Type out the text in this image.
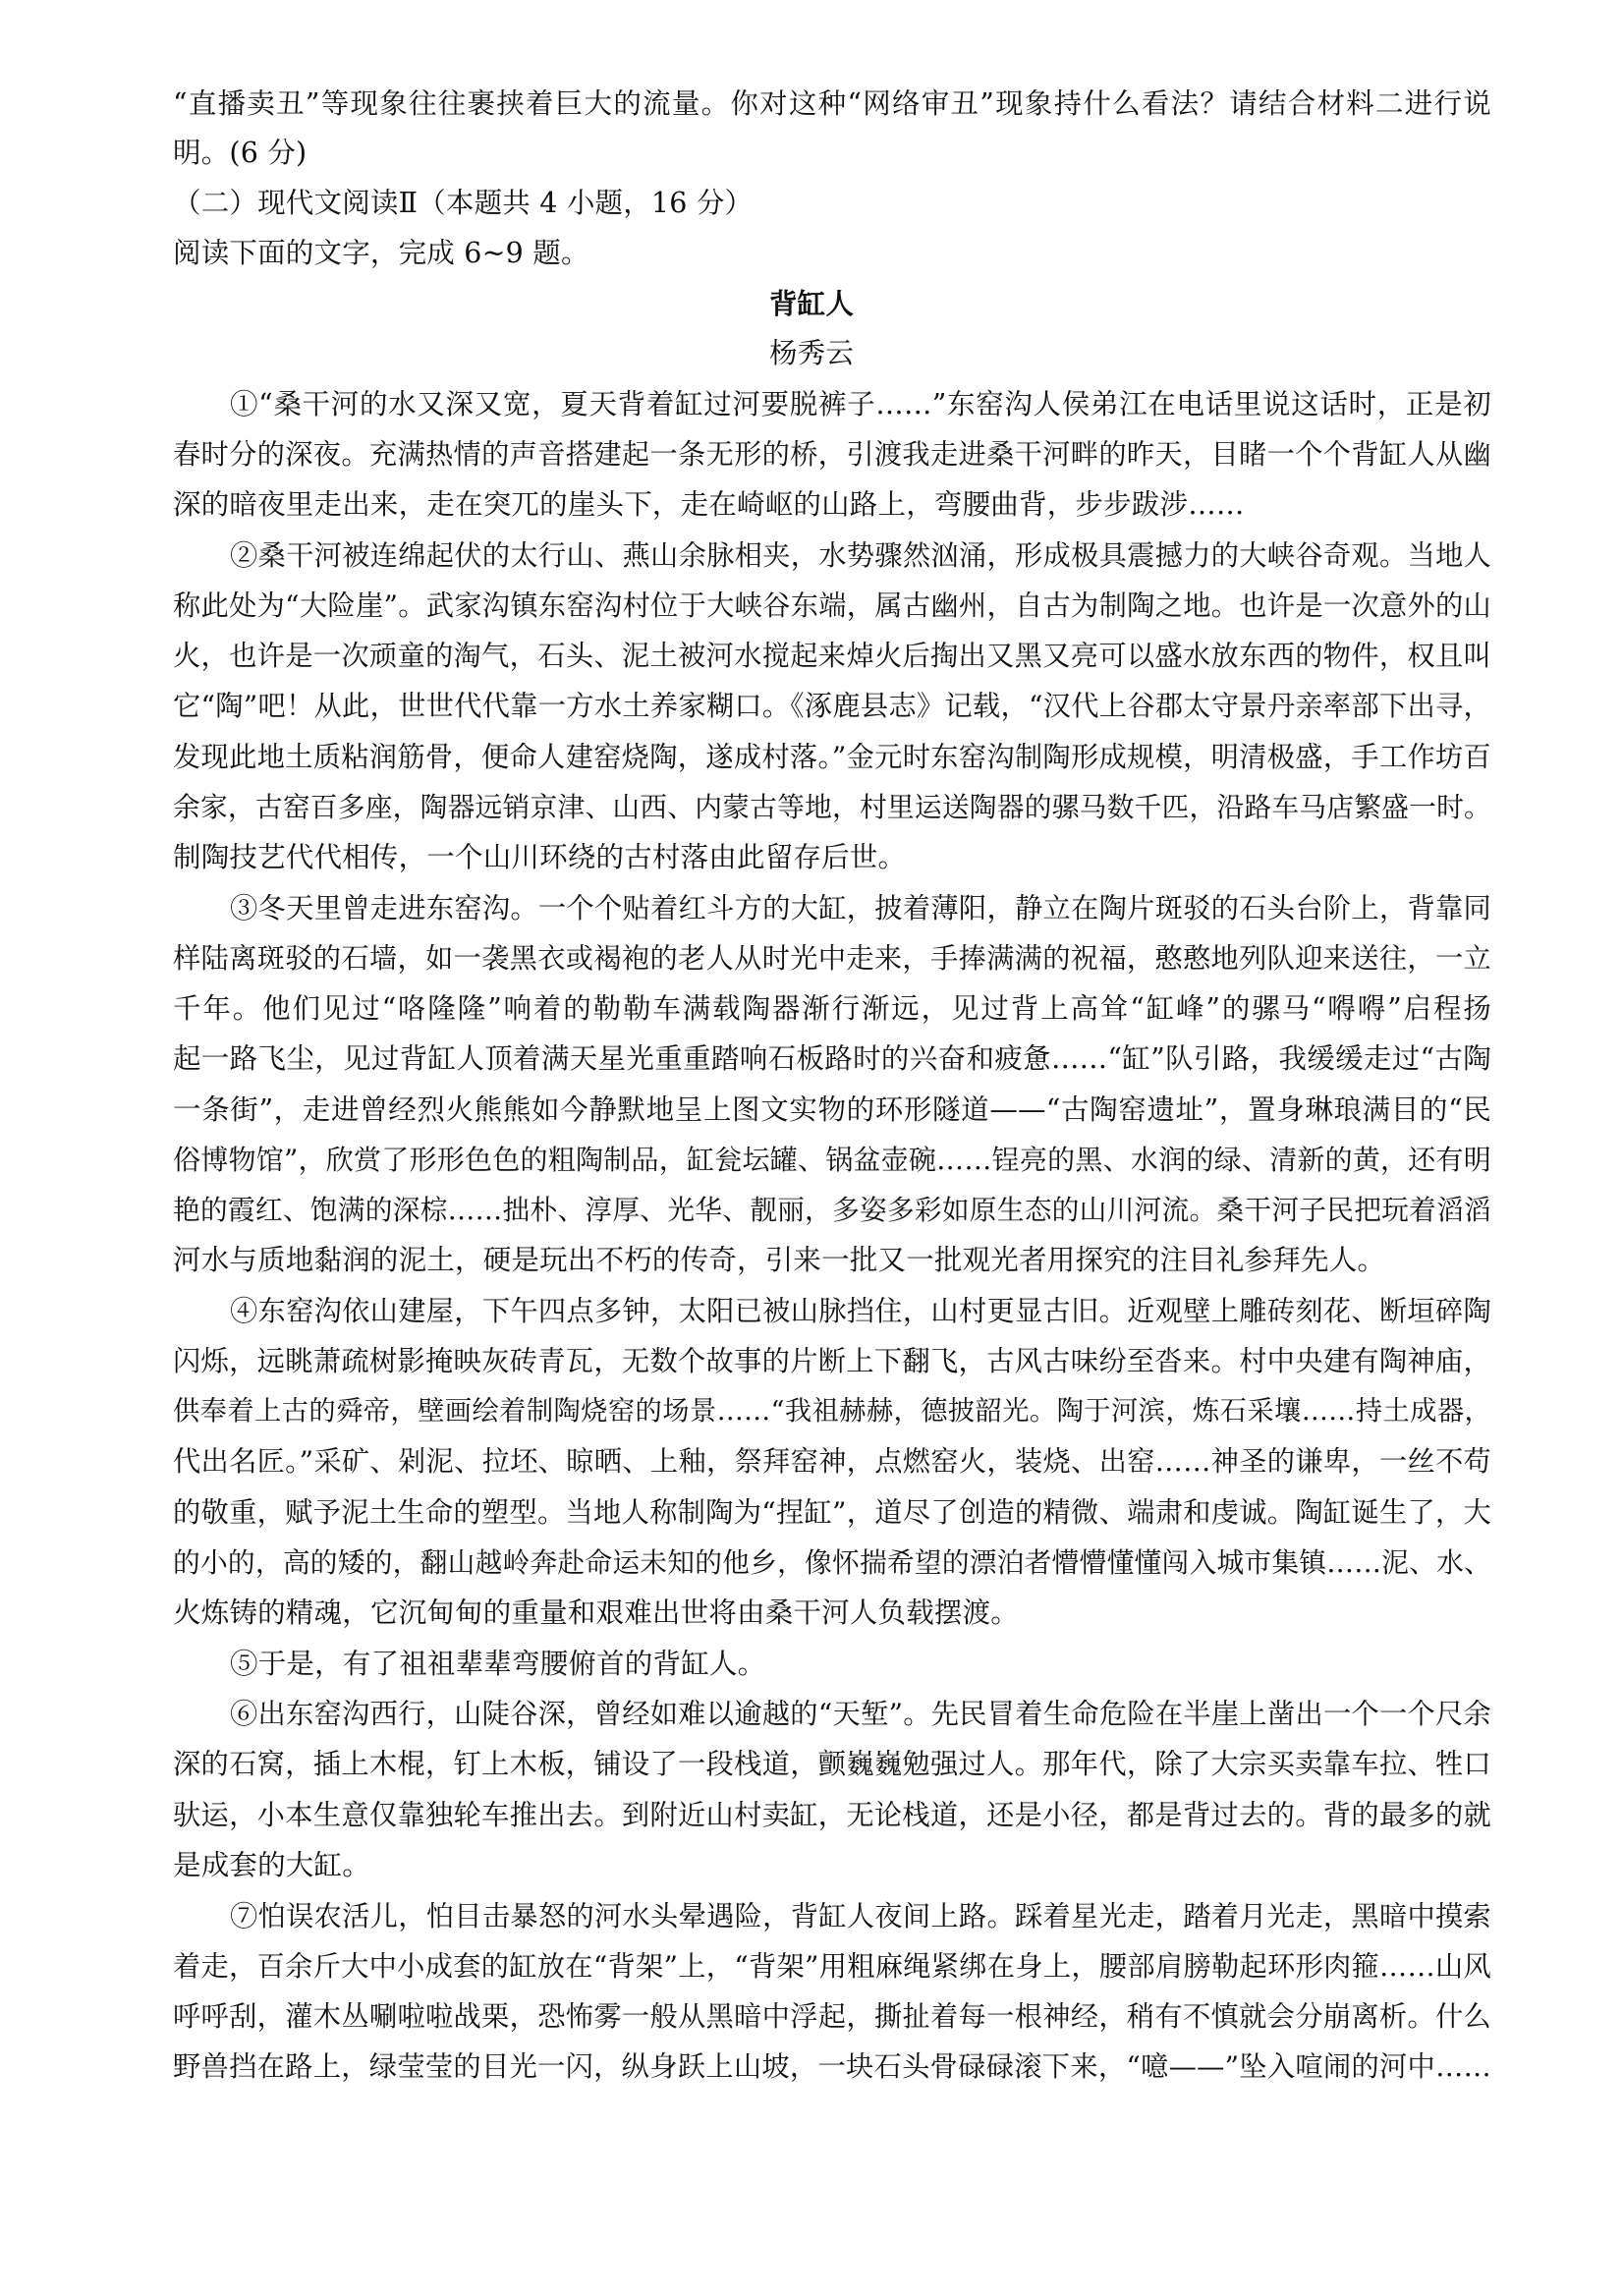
“直播卖丑”等现象往往裹挟着巨大的流量。你对这种“网络审丑”现象持什么看法？请结合材料二进行说
明。(6 分)
（二）现代文阅读Ⅱ（本题共 4 小题，16 分）
阅读下面的文字，完成 6~9 题。
背缸人
杨秀云
①“桑干河的水又深又宽，夏天背着缸过河要脱裤子……”东窑沟人侯弟江在电话里说这话时，正是初
春时分的深夜。充满热情的声音搭建起一条无形的桥，引渡我走进桑干河畔的昨天，目睹一个个背缸人从幽
深的暗夜里走出来，走在突兀的崖头下，走在崎岖的山路上，弯腰曲背，步步跋涉……
②桑干河被连绵起伏的太行山、燕山余脉相夹，水势骤然汹涌，形成极具震撼力的大峡谷奇观。当地人
称此处为“大险崖”。武家沟镇东窑沟村位于大峡谷东端，属古幽州，自古为制陶之地。也许是一次意外的山
火，也许是一次顽童的淘气，石头、泥土被河水搅起来焯火后掏出又黑又亮可以盛水放东西的物件，权且叫
它“陶”吧！从此，世世代代靠一方水土养家糊口。《涿鹿县志》记载，“汉代上谷郡太守景丹亲率部下出寻，
发现此地土质粘润筋骨，便命人建窑烧陶，遂成村落。”金元时东窑沟制陶形成规模，明清极盛，手工作坊百
余家，古窑百多座，陶器远销京津、山西、内蒙古等地，村里运送陶器的骡马数千匹，沿路车马店繁盛一时。
制陶技艺代代相传，一个山川环绕的古村落由此留存后世。
③冬天里曾走进东窑沟。一个个贴着红斗方的大缸，披着薄阳，静立在陶片斑驳的石头台阶上，背靠同
样陆离斑驳的石墙，如一袭黑衣或褐袍的老人从时光中走来，手捧满满的祝福，憨憨地列队迎来送往，一立
千年。他们见过“咯隆隆”响着的勒勒车满载陶器渐行渐远，见过背上高耸“缸峰”的骡马“嘚嘚”启程扬
起一路飞尘，见过背缸人顶着满天星光重重踏响石板路时的兴奋和疲惫……“缸”队引路，我缓缓走过“古陶
一条街”，走进曾经烈火熊熊如今静默地呈上图文实物的环形隧道——“古陶窑遗址”，置身琳琅满目的“民
俗博物馆”，欣赏了形形色色的粗陶制品，缸瓮坛罐、锅盆壶碗……锃亮的黑、水润的绿、清新的黄，还有明
艳的霞红、饱满的深棕……拙朴、淳厚、光华、靓丽，多姿多彩如原生态的山川河流。桑干河子民把玩着滔滔
河水与质地黏润的泥土，硬是玩出不朽的传奇，引来一批又一批观光者用探究的注目礼参拜先人。
④东窑沟依山建屋，下午四点多钟，太阳已被山脉挡住，山村更显古旧。近观壁上雕砖刻花、断垣碎陶
闪烁，远眺萧疏树影掩映灰砖青瓦，无数个故事的片断上下翻飞，古风古味纷至沓来。村中央建有陶神庙，
供奉着上古的舜帝，壁画绘着制陶烧窑的场景……“我祖赫赫，德披韶光。陶于河滨，炼石采壤……持土成器，
代出名匠。”采矿、剁泥、拉坯、晾晒、上釉，祭拜窑神，点燃窑火，装烧、出窑……神圣的谦卑，一丝不苟
的敬重，赋予泥土生命的塑型。当地人称制陶为“捏缸”，道尽了创造的精微、端肃和虔诚。陶缸诞生了，大
的小的，高的矮的，翻山越岭奔赴命运未知的他乡，像怀揣希望的漂泊者懵懵懂懂闯入城市集镇……泥、水、
火炼铸的精魂，它沉甸甸的重量和艰难出世将由桑干河人负载摆渡。
⑤于是，有了祖祖辈辈弯腰俯首的背缸人。
⑥出东窑沟西行，山陡谷深，曾经如难以逾越的“天堑”。先民冒着生命危险在半崖上凿出一个一个尺余
深的石窝，插上木棍，钉上木板，铺设了一段栈道，颤巍巍勉强过人。那年代，除了大宗买卖靠车拉、牲口
驮运，小本生意仅靠独轮车推出去。到附近山村卖缸，无论栈道，还是小径，都是背过去的。背的最多的就
是成套的大缸。
⑦怕误农活儿，怕目击暴怒的河水头晕遇险，背缸人夜间上路。踩着星光走，踏着月光走，黑暗中摸索
着走，百余斤大中小成套的缸放在“背架”上，“背架”用粗麻绳紧绑在身上，腰部肩膀勒起环形肉箍……山风
呼呼刮，灌木丛唰啦啦战栗，恐怖雾一般从黑暗中浮起，撕扯着每一根神经，稍有不慎就会分崩离析。什么
野兽挡在路上，绿莹莹的目光一闪，纵身跃上山坡，一块石头骨碌碌滚下来，“噫——”坠入喧闹的河中……
